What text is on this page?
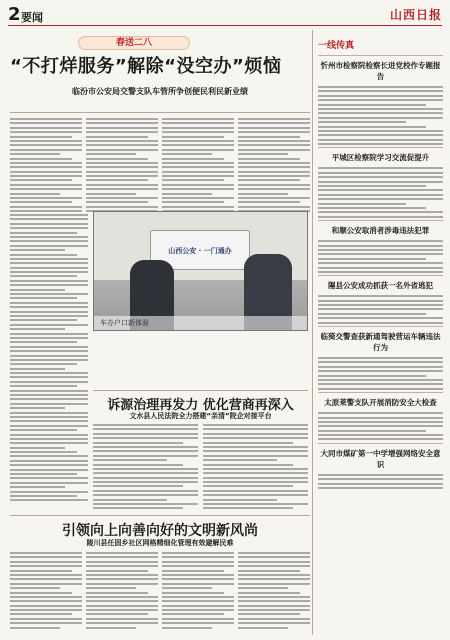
2 要闻	山西日报
春送二八
“不打烊服务”解除“没空办”烦恼
临汾市公安局交警支队车管所争创便民利民新业绩
山西公安 · 一门通办
车办户口新体验
诉源治理再发力 优化营商再深入
文水县人民法院全力搭建“亲清”院企对接平台
引领向上向善向好的文明新风尚
陵川县任固乡社区网格精细化管理有效避解民难
一线传真
忻州市检察院检察长进党校作专题报告
平城区检察院学习交流促提升
和顺公安取消者涉毒违法犯罪
隰县公安成功抓获一名外省逃犯
临猗交警查获新通驾驶营运车辆违法行为
太原莱警支队开展消防安全大检查
大同市煤矿第一中学增强网络安全意识
